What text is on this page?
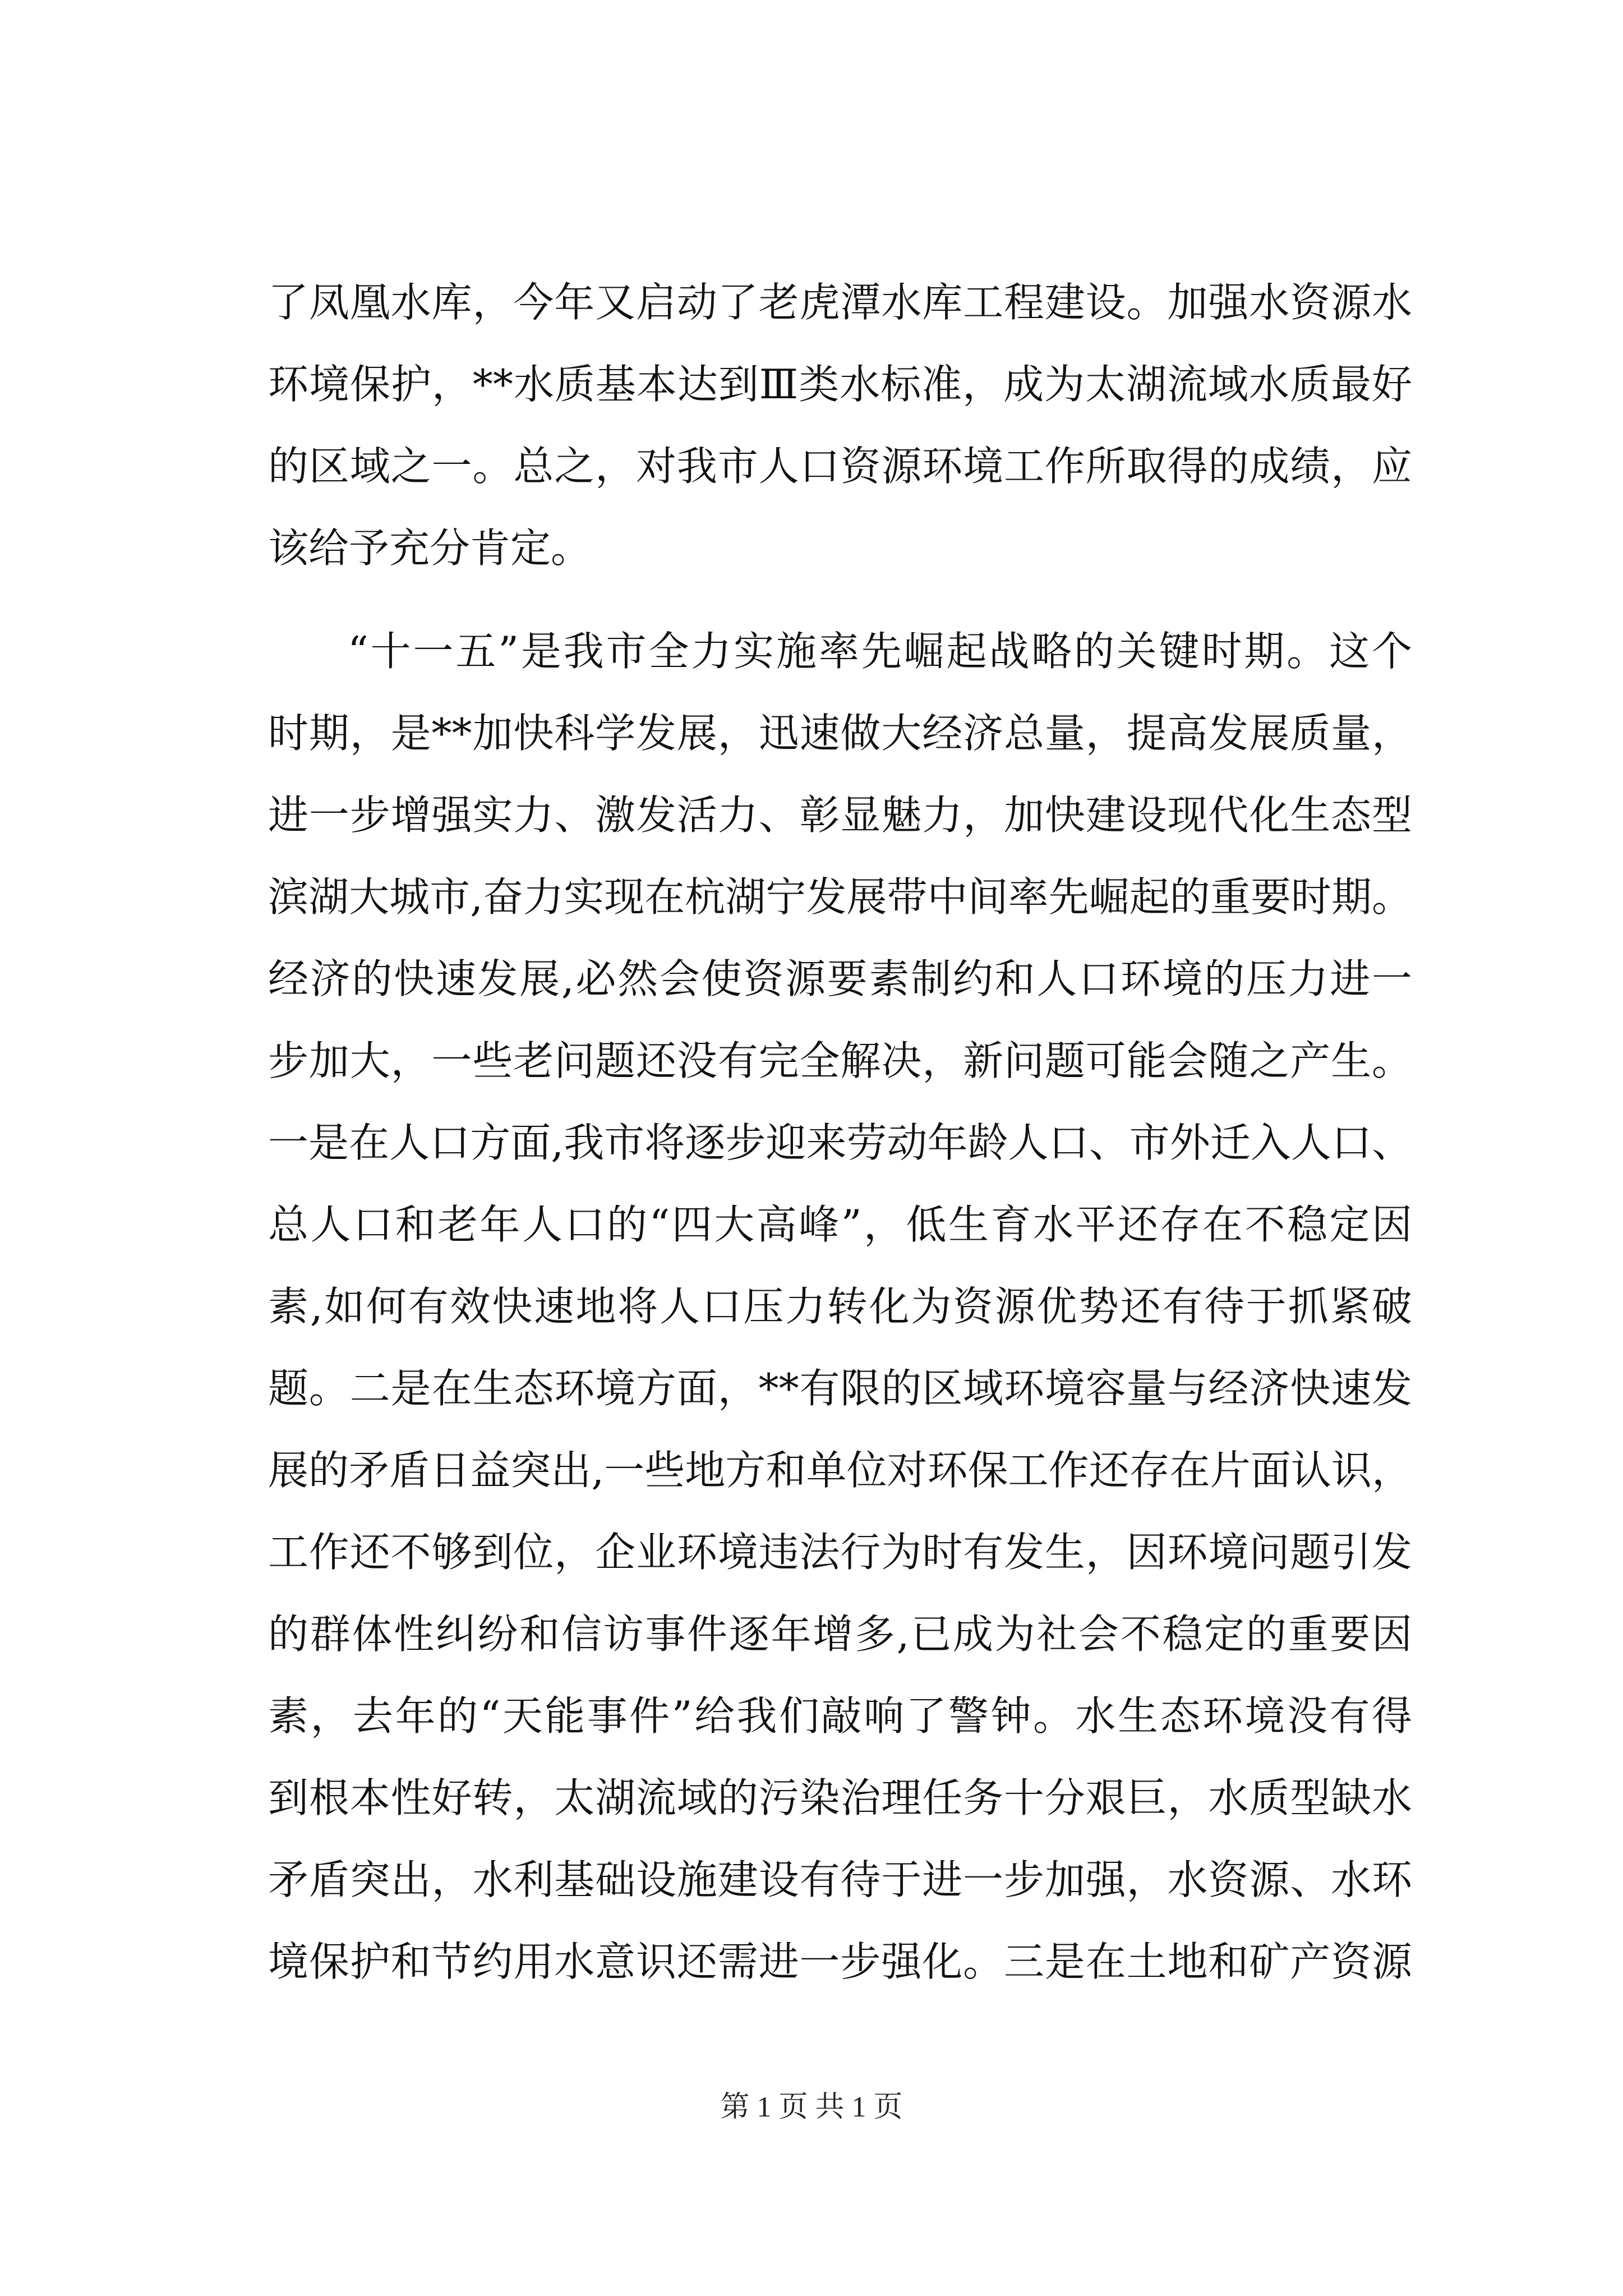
了凤凰水库，今年又启动了老虎潭水库工程建设。加强水资源水
环境保护，**水质基本达到Ⅲ类水标准，成为太湖流域水质最好
的区域之一。总之，对我市人口资源环境工作所取得的成绩，应
该给予充分肯定。
“十一五”是我市全力实施率先崛起战略的关键时期。这个
时期，是**加快科学发展，迅速做大经济总量，提高发展质量，
进一步增强实力、激发活力、彰显魅力，加快建设现代化生态型
滨湖大城市,奋力实现在杭湖宁发展带中间率先崛起的重要时期。
经济的快速发展,必然会使资源要素制约和人口环境的压力进一
步加大，一些老问题还没有完全解决，新问题可能会随之产生。
一是在人口方面,我市将逐步迎来劳动年龄人口、市外迁入人口、
总人口和老年人口的“四大高峰”，低生育水平还存在不稳定因
素,如何有效快速地将人口压力转化为资源优势还有待于抓紧破
题。二是在生态环境方面，**有限的区域环境容量与经济快速发
展的矛盾日益突出,一些地方和单位对环保工作还存在片面认识，
工作还不够到位，企业环境违法行为时有发生，因环境问题引发
的群体性纠纷和信访事件逐年增多,已成为社会不稳定的重要因
素，去年的“天能事件”给我们敲响了警钟。水生态环境没有得
到根本性好转，太湖流域的污染治理任务十分艰巨，水质型缺水
矛盾突出，水利基础设施建设有待于进一步加强，水资源、水环
境保护和节约用水意识还需进一步强化。三是在土地和矿产资源
第 1 页 共 1 页
